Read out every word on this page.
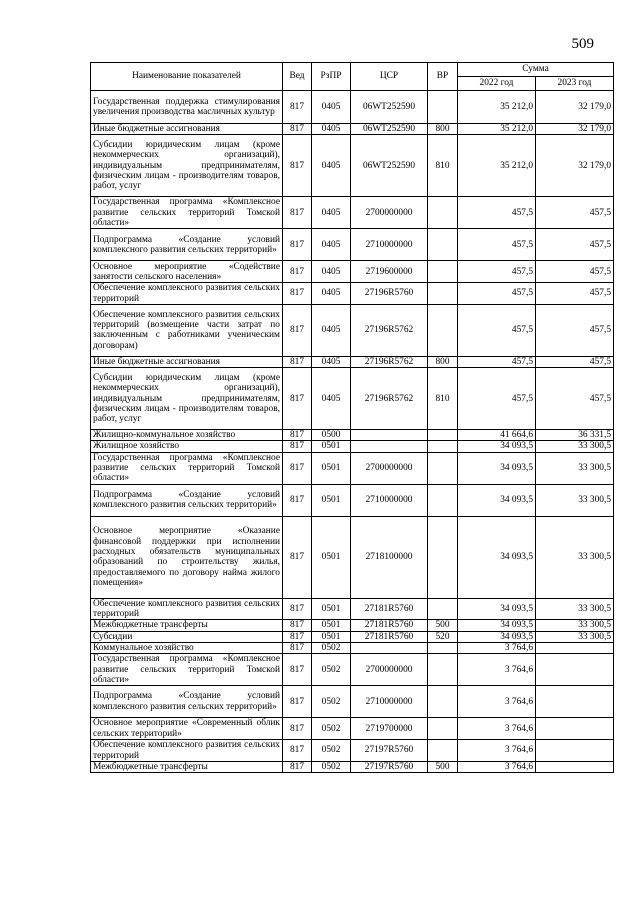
509
Наименование показателей	Вед	РзПР	ЦСР	ВР	Сумма	
					2022 год	2023 год
Государственная поддержка стимулирования увеличения производства масличных культур	817	0405	06WT252590		35 212,0	32 179,0
Иные бюджетные ассигнования	817	0405	06WT252590	800	35 212,0	32 179,0
Субсидии юридическим лицам (кроме некоммерческих организаций), индивидуальным предпринимателям, физическим лицам - производителям товаров, работ, услуг	817	0405	06WT252590	810	35 212,0	32 179,0
Государственная программа «Комплексное развитие сельских территорий Томской области»	817	0405	2700000000		457,5	457,5
Подпрограмма «Создание условий комплексного развития сельских территорий»	817	0405	2710000000		457,5	457,5
Основное мероприятие «Содействие занятости сельского населения»	817	0405	2719600000		457,5	457,5
Обеспечение комплексного развития сельских территорий	817	0405	27196R5760		457,5	457,5
Обеспечение комплексного развития сельских территорий (возмещение части затрат по заключенным с работниками ученическим договорам)	817	0405	27196R5762		457,5	457,5
Иные бюджетные ассигнования	817	0405	27196R5762	800	457,5	457,5
Субсидии юридическим лицам (кроме некоммерческих организаций), индивидуальным предпринимателям, физическим лицам - производителям товаров, работ, услуг	817	0405	27196R5762	810	457,5	457,5
Жилищно-коммунальное хозяйство	817	0500			41 664,6	36 331,5
Жилищное хозяйство	817	0501			34 093,5	33 300,5
Государственная программа «Комплексное развитие сельских территорий Томской области»	817	0501	2700000000		34 093,5	33 300,5
Подпрограмма «Создание условий комплексного развития сельских территорий»	817	0501	2710000000		34 093,5	33 300,5
Основное мероприятие «Оказание финансовой поддержки при исполнении расходных обязательств муниципальных образований по строительству жилья, предоставляемого по договору найма жилого помещения»	817	0501	2718100000		34 093,5	33 300,5
Обеспечение комплексного развития сельских территорий	817	0501	27181R5760		34 093,5	33 300,5
Межбюджетные трансферты	817	0501	27181R5760	500	34 093,5	33 300,5
Субсидии	817	0501	27181R5760	520	34 093,5	33 300,5
Коммунальное хозяйство	817	0502			3 764,6	
Государственная программа «Комплексное развитие сельских территорий Томской области»	817	0502	2700000000		3 764,6	
Подпрограмма «Создание условий комплексного развития сельских территорий»	817	0502	2710000000		3 764,6	
Основное мероприятие «Современный облик сельских территорий»	817	0502	2719700000		3 764,6	
Обеспечение комплексного развития сельских территорий	817	0502	27197R5760		3 764,6	
Межбюджетные трансферты	817	0502	27197R5760	500	3 764,6	
